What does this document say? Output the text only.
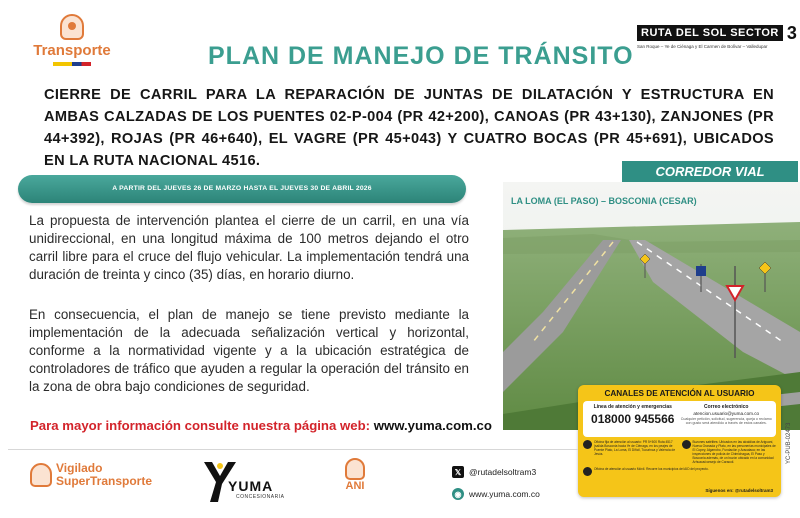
Transporte	PLAN DE MANEJO DE TRÁNSITO
RUTA DEL SOL SECTOR 3
San Roque – Ye de Ciénaga y El Carmen de Bolívar – Valledupar
CIERRE DE CARRIL PARA LA REPARACIÓN DE JUNTAS DE DILATACIÓN Y ESTRUCTURA EN AMBAS CALZADAS DE LOS PUENTES 02-P-004 (PR 42+200), CANOAS (PR 43+130), ZANJONES (PR 44+392), ROJAS (PR 46+640), EL VAGRE (PR 45+043) Y CUATRO BOCAS (PR 45+691), UBICADOS EN LA RUTA NACIONAL 4516.
CORREDOR VIAL
A PARTIR DEL JUEVES 26 DE MARZO HASTA EL JUEVES 30 DE ABRIL 2026

La propuesta de intervención plantea el cierre de un carril, en una vía unidireccional, en una longitud máxima de 100 metros dejando el otro carril libre para el cruce del flujo vehicular. La implementación tendrá una duración de treinta y cinco (35) días, en horario diurno.

En consecuencia, el plan de manejo se tiene previsto mediante la implementación de la adecuada señalización vertical y horizontal, conforme a la normatividad vigente y a la ubicación estratégica de controladores de tráfico que ayuden a regular la operación del tránsito en la zona de obra bajo condiciones de seguridad.

Para mayor información consulte nuestra página web: www.yuma.com.co
LA LOMA (EL PASO) – BOSCONIA (CESAR)
CANALES DE ATENCIÓN AL USUARIO
Línea de atención y emergencias
018000 945566
Correo electrónico
atencion.usuario@yuma.com.co
Cualquier petición, solicitud, sugerencia, queja o reclamo con gusto será atendido a través de estos canales.
Oficina fija de atención al usuario: PR 5+500 Ruta 4517 (salida Bosconia hacia Ye de Ciénaga, en los peajes de Puente Plato, La Loma, El Difícil, Tucurinca y Valencia de Jesús.
Buzones satélites: Ubicados en las alcaldías de Ariguaní, Nueva Granada y Plato, en las personerías municipales de El Copey, Algarrobo, Fundación y Aracataca; en las inspecciones de policía de Chimichagua, El Paso y Bosconia además, de un buzón ubicado en la comunidad Arhuaca/consejo de Caracolí.
Oficina de atención al usuario Móvil. Recorre los municipios del AID del proyecto.
Síguenos en: @rutadelsoltram3
YC-PUB-02473
Vigilado
SuperTransporte	YUMA
CONCESIONARIA
ANI
𝕏 @rutadelsoltram3
◉ www.yuma.com.co
